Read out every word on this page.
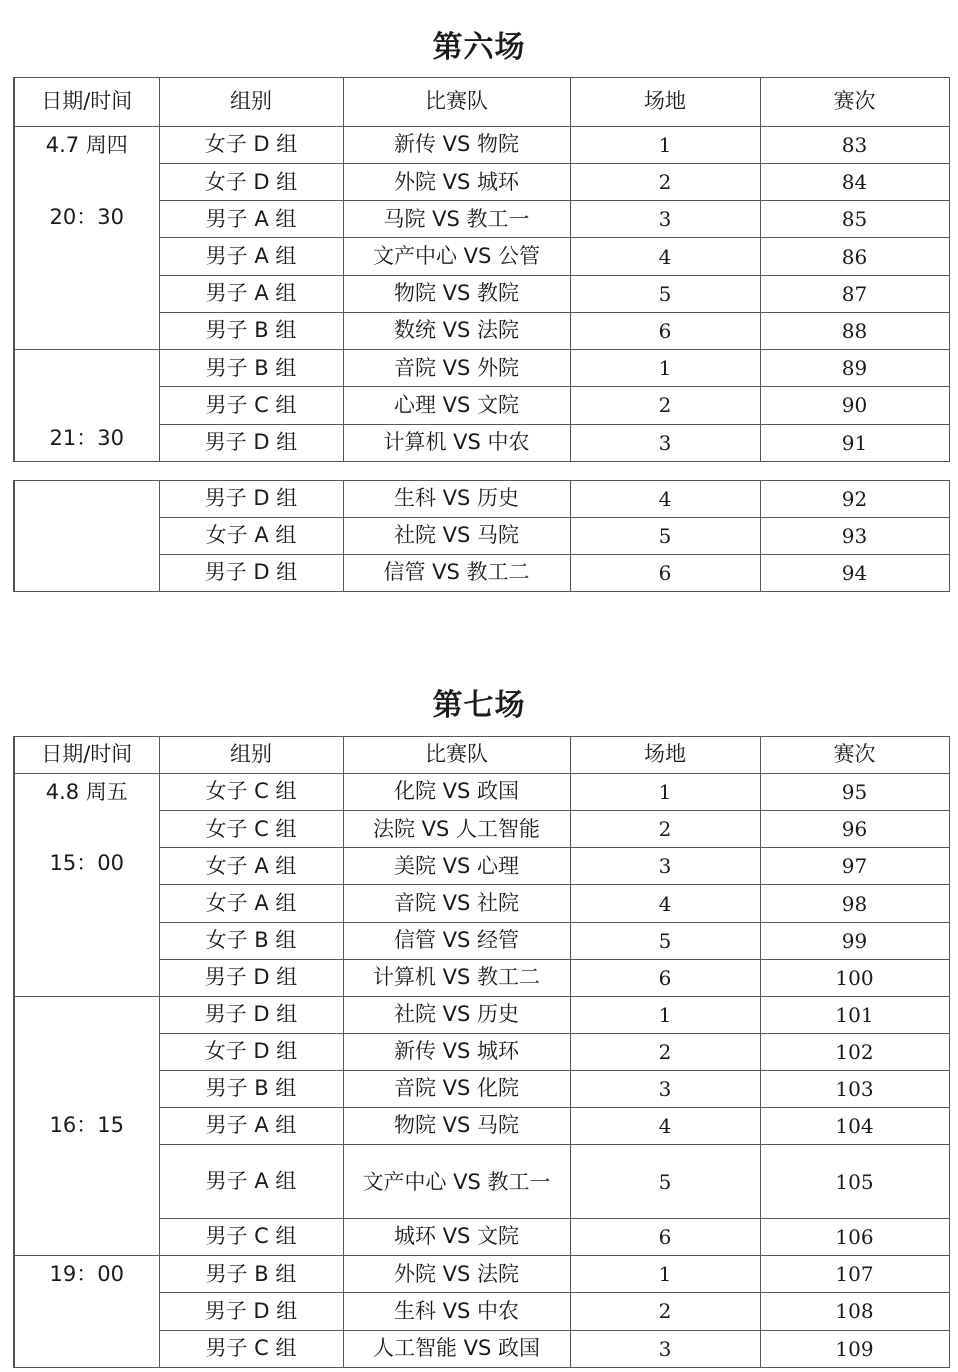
第六场
日期/时间	组别	比赛队	场地	赛次

4.7 周四
20：30	女子 D 组	新传 VS 物院	1	83
	女子 D 组	外院 VS 城环	2	84
	男子 A 组	马院 VS 教工一	3	85
	男子 A 组	文产中心 VS 公管	4	86
	男子 A 组	物院 VS 教院	5	87
	男子 B 组	数统 VS 法院	6	88

21：30	男子 B 组	音院 VS 外院	1	89
	男子 C 组	心理 VS 文院	2	90
	男子 D 组	计算机 VS 中农	3	91
	男子 D 组	生科 VS 历史	4	92
	女子 A 组	社院 VS 马院	5	93
	男子 D 组	信管 VS 教工二	6	94
第七场
日期/时间	组别	比赛队	场地	赛次

4.8 周五
15：00	女子 C 组	化院 VS 政国	1	95
	女子 C 组	法院 VS 人工智能	2	96
	女子 A 组	美院 VS 心理	3	97
	女子 A 组	音院 VS 社院	4	98
	女子 B 组	信管 VS 经管	5	99
	男子 D 组	计算机 VS 教工二	6	100
16：15	男子 D 组	社院 VS 历史	1	101
	女子 D 组	新传 VS 城环	2	102
	男子 B 组	音院 VS 化院	3	103
	男子 A 组	物院 VS 马院	4	104
	男子 A 组	文产中心 VS 教工一	5	105
	男子 C 组	城环 VS 文院	6	106

19：00	男子 B 组	外院 VS 法院	1	107
	男子 D 组	生科 VS 中农	2	108
	男子 C 组	人工智能 VS 政国	3	109
